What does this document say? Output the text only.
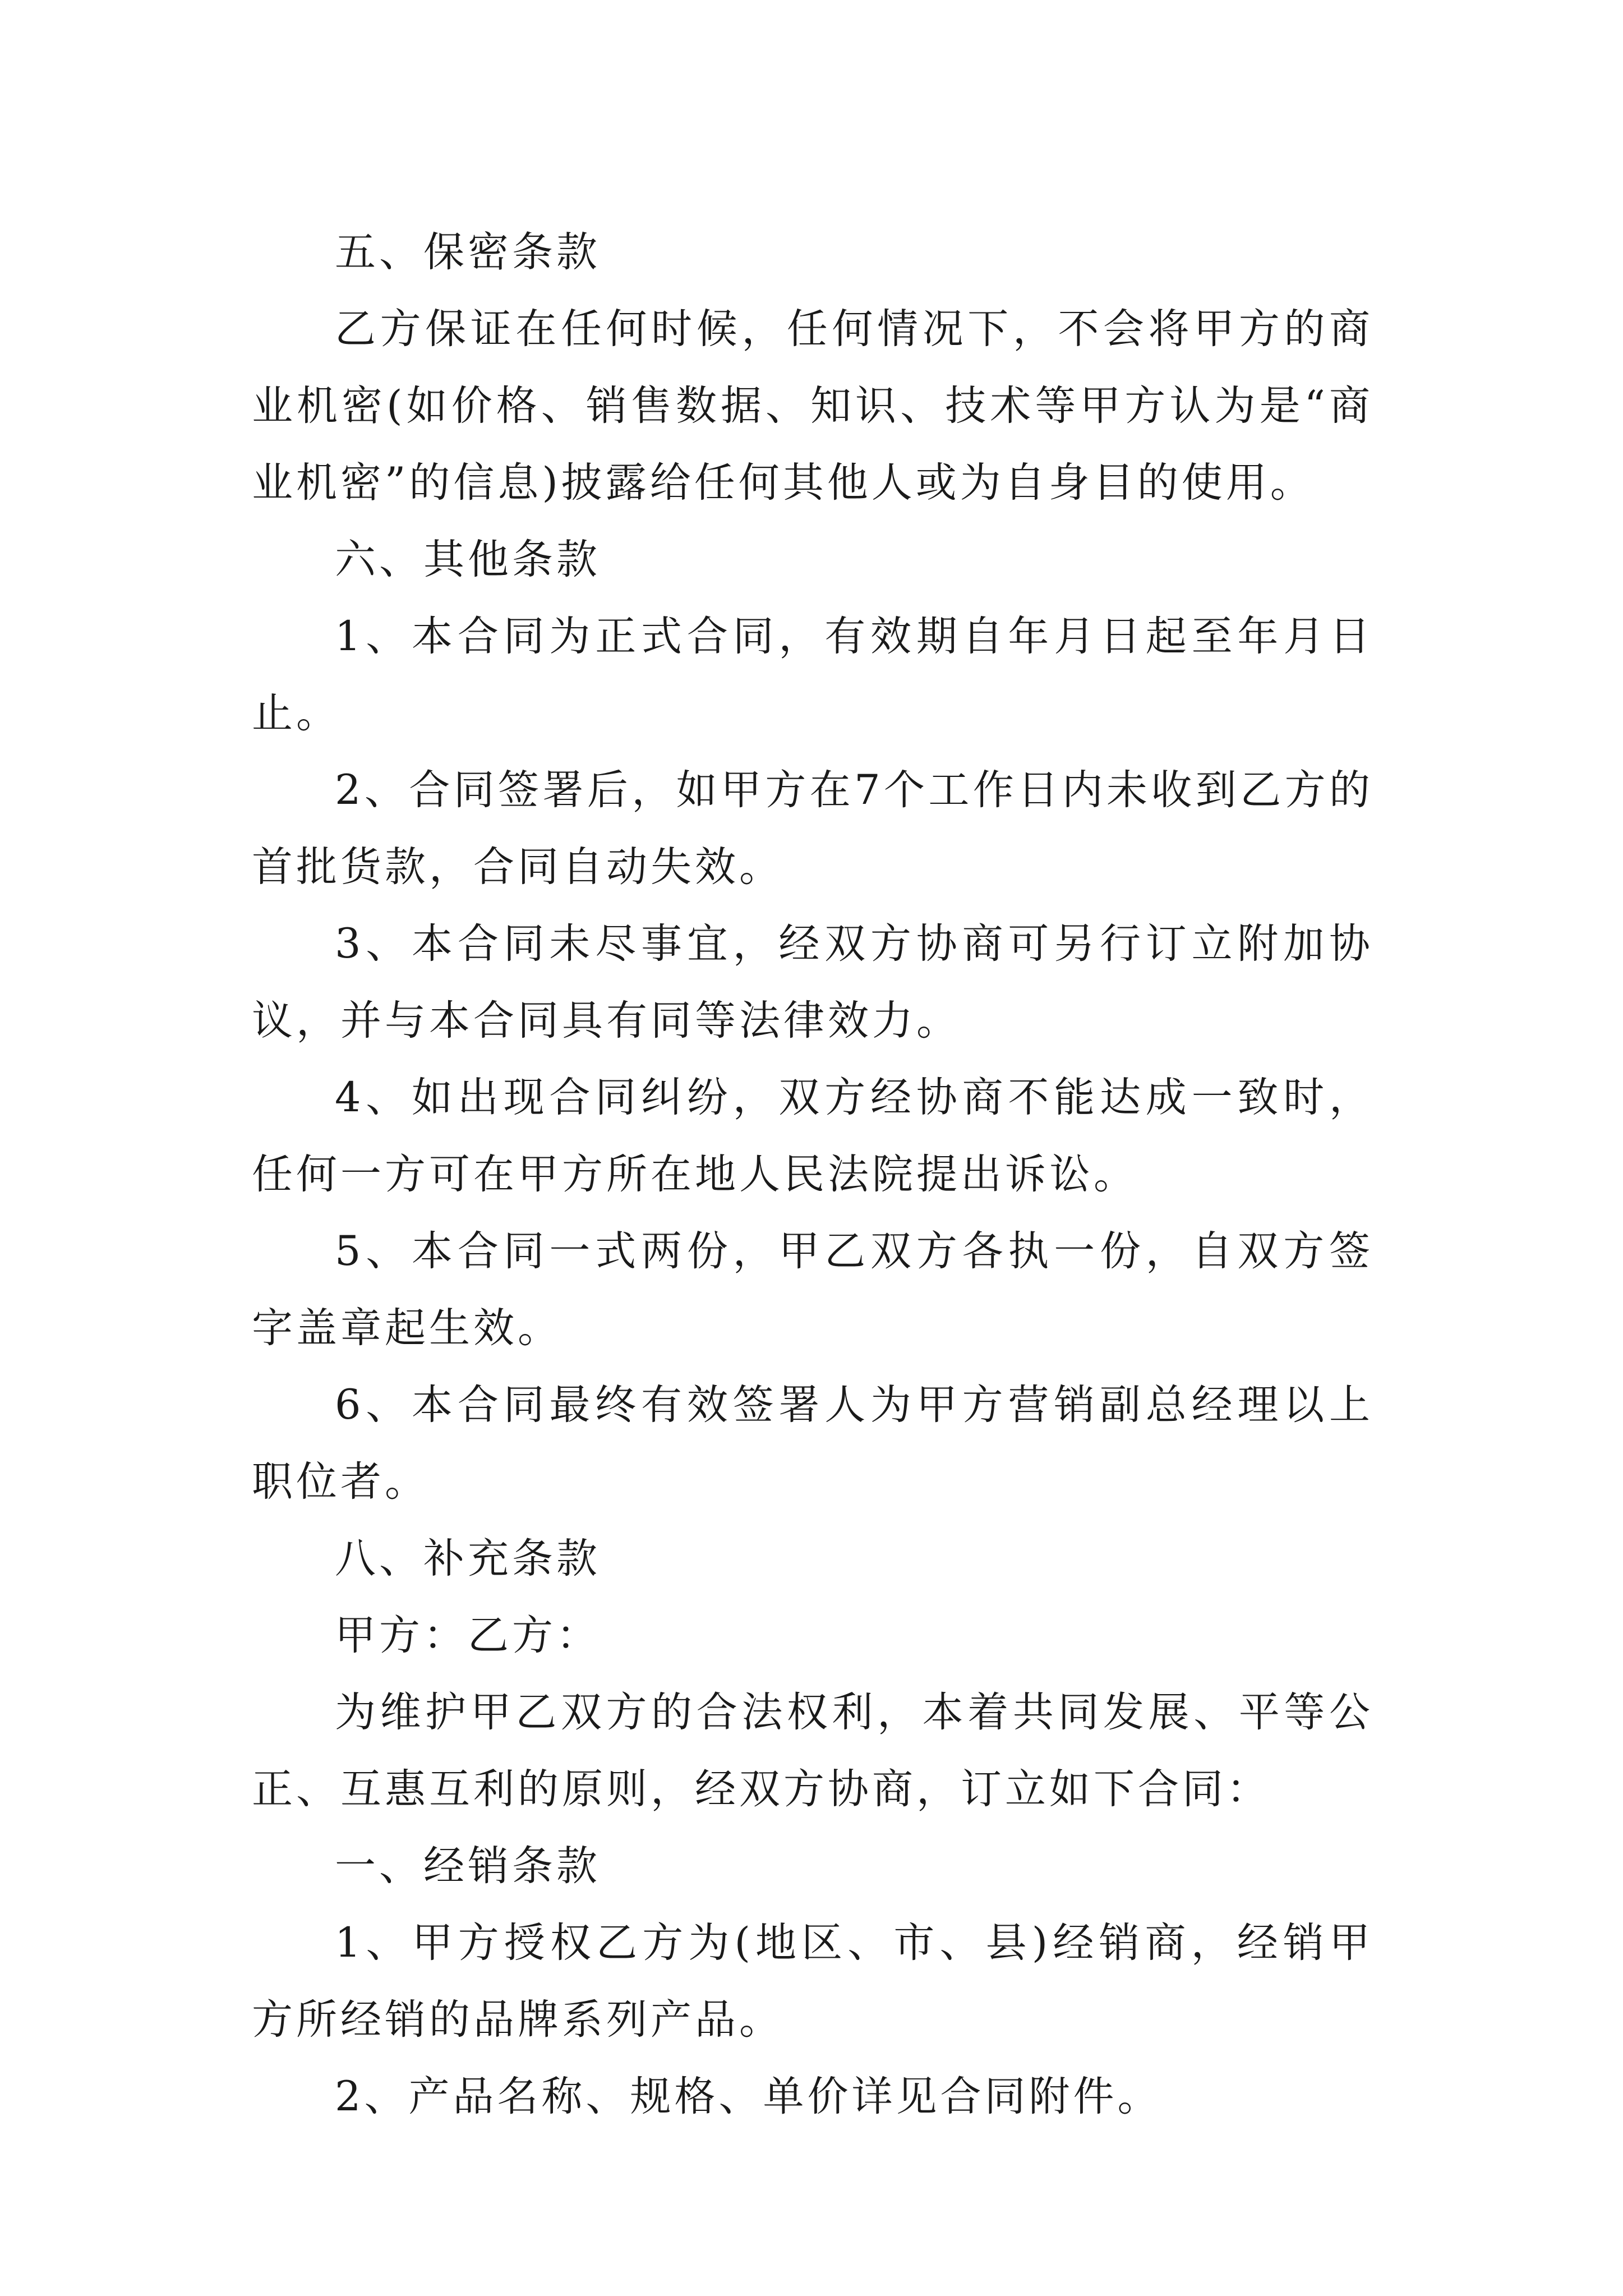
五、保密条款

乙方保证在任何时候，任何情况下，不会将甲方的商业机密(如价格、销售数据、知识、技术等甲方认为是“商业机密”的信息)披露给任何其他人或为自身目的使用。

六、其他条款

1、本合同为正式合同，有效期自年月日起至年月日止。

2、合同签署后，如甲方在7个工作日内未收到乙方的首批货款，合同自动失效。

3、本合同未尽事宜，经双方协商可另行订立附加协议，并与本合同具有同等法律效力。

4、如出现合同纠纷，双方经协商不能达成一致时，任何一方可在甲方所在地人民法院提出诉讼。

5、本合同一式两份，甲乙双方各执一份，自双方签字盖章起生效。

6、本合同最终有效签署人为甲方营销副总经理以上职位者。

八、补充条款

甲方：乙方：

为维护甲乙双方的合法权利，本着共同发展、平等公正、互惠互利的原则，经双方协商，订立如下合同：

一、经销条款

1、甲方授权乙方为(地区、市、县)经销商，经销甲方所经销的品牌系列产品。

2、产品名称、规格、单价详见合同附件。
